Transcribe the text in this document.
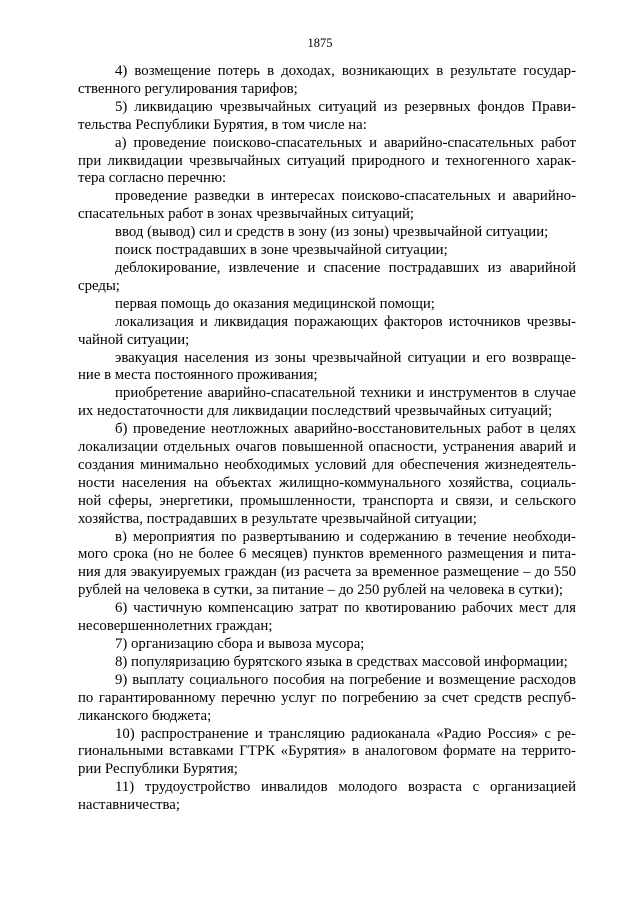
1875

4) возмещение потерь в доходах, возникающих в результате государ-ственного регулирования тарифов;

5) ликвидацию чрезвычайных ситуаций из резервных фондов Прави-тельства Республики Бурятия, в том числе на:

а) проведение поисково-спасательных и аварийно-спасательных работ при ликвидации чрезвычайных ситуаций природного и техногенного харак-тера согласно перечню:

проведение разведки в интересах поисково-спасательных и аварийно-спасательных работ в зонах чрезвычайных ситуаций;

ввод (вывод) сил и средств в зону (из зоны) чрезвычайной ситуации;

поиск пострадавших в зоне чрезвычайной ситуации;

деблокирование, извлечение и спасение пострадавших из аварийной среды;

первая помощь до оказания медицинской помощи;

локализация и ликвидация поражающих факторов источников чрезвы-чайной ситуации;

эвакуация населения из зоны чрезвычайной ситуации и его возвраще-ние в места постоянного проживания;

приобретение аварийно-спасательной техники и инструментов в случае их недостаточности для ликвидации последствий чрезвычайных ситуаций;

б) проведение неотложных аварийно-восстановительных работ в целях локализации отдельных очагов повышенной опасности, устранения аварий и создания минимально необходимых условий для обеспечения жизнедеятель-ности населения на объектах жилищно-коммунального хозяйства, социаль-ной сферы, энергетики, промышленности, транспорта и связи, и сельского хозяйства, пострадавших в результате чрезвычайной ситуации;

в) мероприятия по развертыванию и содержанию в течение необходи-мого срока (но не более 6 месяцев) пунктов временного размещения и пита-ния для эвакуируемых граждан (из расчета за временное размещение – до 550 рублей на человека в сутки, за питание – до 250 рублей на человека в сутки);

6) частичную компенсацию затрат по квотированию рабочих мест для несовершеннолетних граждан;

7) организацию сбора и вывоза мусора;

8) популяризацию бурятского языка в средствах массовой информации;

9) выплату социального пособия на погребение и возмещение расходов по гарантированному перечню услуг по погребению за счет средств респуб-ликанского бюджета;

10) распространение и трансляцию радиоканала «Радио Россия» с ре-гиональными вставками ГТРК «Бурятия» в аналоговом формате на террито-рии Республики Бурятия;

11) трудоустройство инвалидов молодого возраста с организацией наставничества;
